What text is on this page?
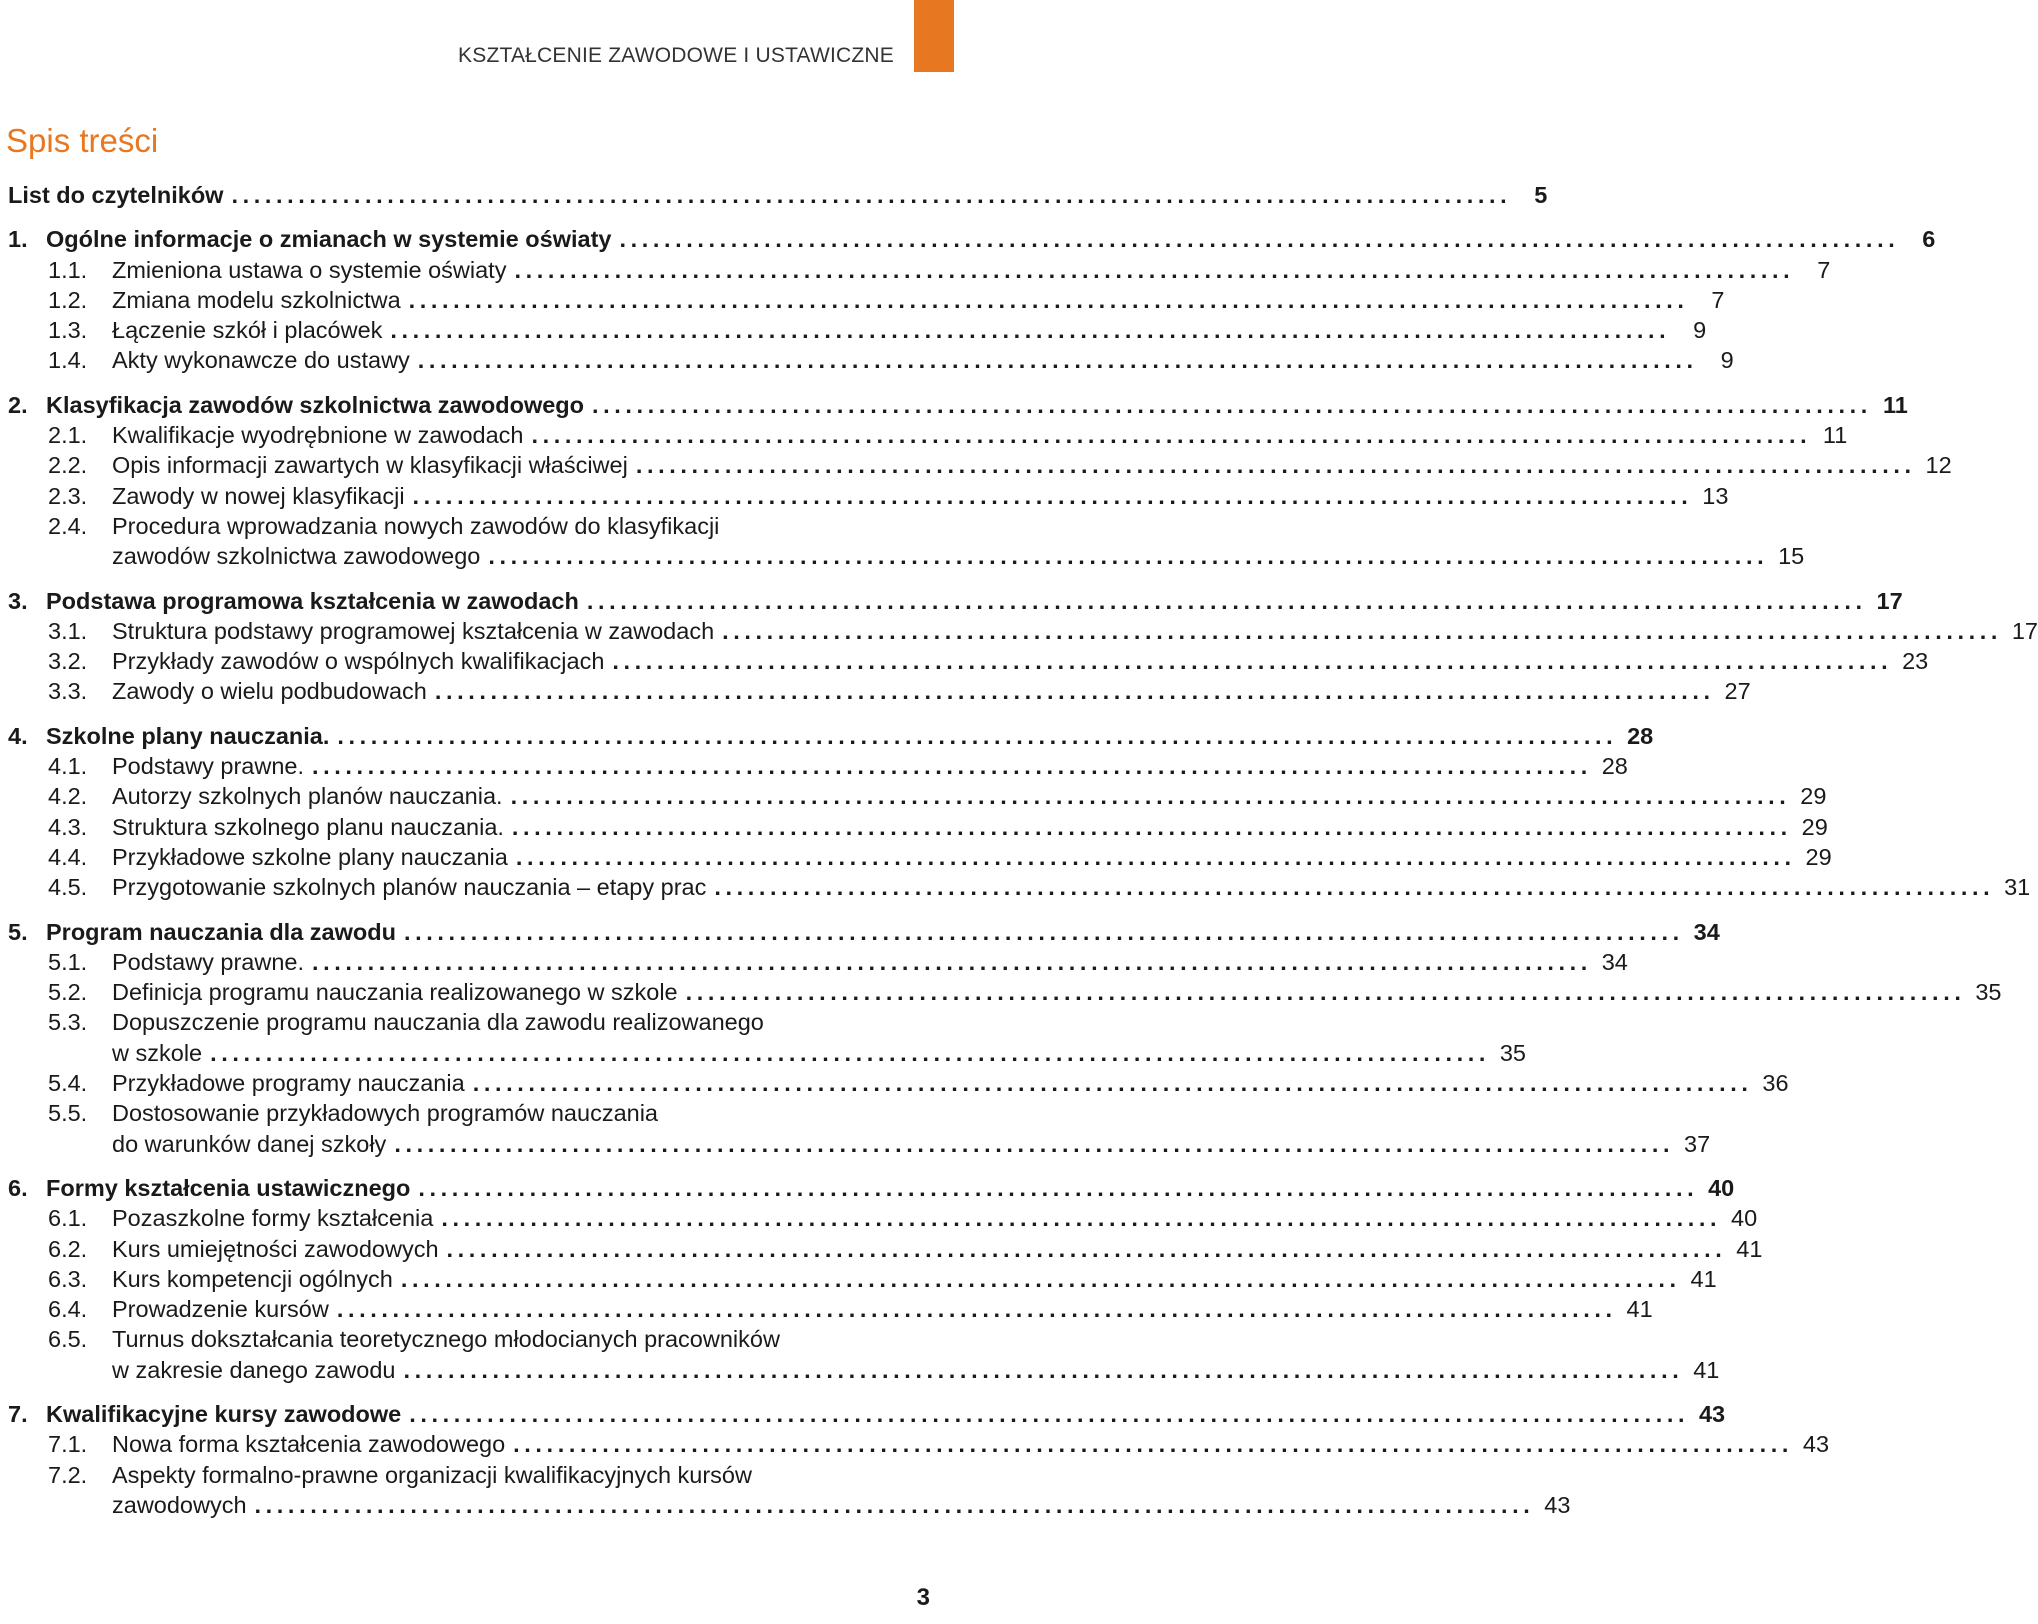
KSZTAŁCENIE ZAWODOWE I USTAWICZNE
Spis treści
List do czytelników ................................................................................................................... 5
1. Ogólne informacje o zmianach w systemie oświaty ................................................................................................................... 6
1.1.	Zmieniona ustawa o systemie oświaty ................................................................................................................... 7
1.2.	Zmiana modelu szkolnictwa ................................................................................................................... 7
1.3.	Łączenie szkół i placówek ................................................................................................................... 9
1.4.	Akty wykonawcze do ustawy ................................................................................................................... 9
2. Klasyfikacja zawodów szkolnictwa zawodowego ................................................................................................................... 11
2.1.	Kwalifikacje wyodrębnione w zawodach ................................................................................................................... 11
2.2.	Opis informacji zawartych w klasyfikacji właściwej ................................................................................................................... 12
2.3.	Zawody w nowej klasyfikacji ................................................................................................................... 13
2.4.	Procedura wprowadzania nowych zawodów do klasyfikacji
zawodów szkolnictwa zawodowego ................................................................................................................... 15
3. Podstawa programowa kształcenia w zawodach ................................................................................................................... 17
3.1.	Struktura podstawy programowej kształcenia w zawodach ................................................................................................................... 17
3.2.	Przykłady zawodów o wspólnych kwalifikacjach ................................................................................................................... 23
3.3.	Zawody o wielu podbudowach ................................................................................................................... 27
4. Szkolne plany nauczania. ................................................................................................................... 28
4.1.	Podstawy prawne. ................................................................................................................... 28
4.2.	Autorzy szkolnych planów nauczania. ................................................................................................................... 29
4.3.	Struktura szkolnego planu nauczania. ................................................................................................................... 29
4.4.	Przykładowe szkolne plany nauczania ................................................................................................................... 29
4.5.	Przygotowanie szkolnych planów nauczania – etapy prac ................................................................................................................... 31
5. Program nauczania dla zawodu ................................................................................................................... 34
5.1.	Podstawy prawne. ................................................................................................................... 34
5.2.	Definicja programu nauczania realizowanego w szkole ................................................................................................................... 35
5.3.	Dopuszczenie programu nauczania dla zawodu realizowanego
w szkole ................................................................................................................... 35
5.4.	Przykładowe programy nauczania ................................................................................................................... 36
5.5.	Dostosowanie przykładowych programów nauczania
do warunków danej szkoły ................................................................................................................... 37
6. Formy kształcenia ustawicznego ................................................................................................................... 40
6.1.	Pozaszkolne formy kształcenia ................................................................................................................... 40
6.2.	Kurs umiejętności zawodowych ................................................................................................................... 41
6.3.	Kurs kompetencji ogólnych ................................................................................................................... 41
6.4.	Prowadzenie kursów ................................................................................................................... 41
6.5.	Turnus dokształcania teoretycznego młodocianych pracowników
w zakresie danego zawodu ................................................................................................................... 41
7. Kwalifikacyjne kursy zawodowe ................................................................................................................... 43
7.1.	Nowa forma kształcenia zawodowego ................................................................................................................... 43
7.2.	Aspekty formalno-prawne organizacji kwalifikacyjnych kursów
zawodowych ................................................................................................................... 43
3
